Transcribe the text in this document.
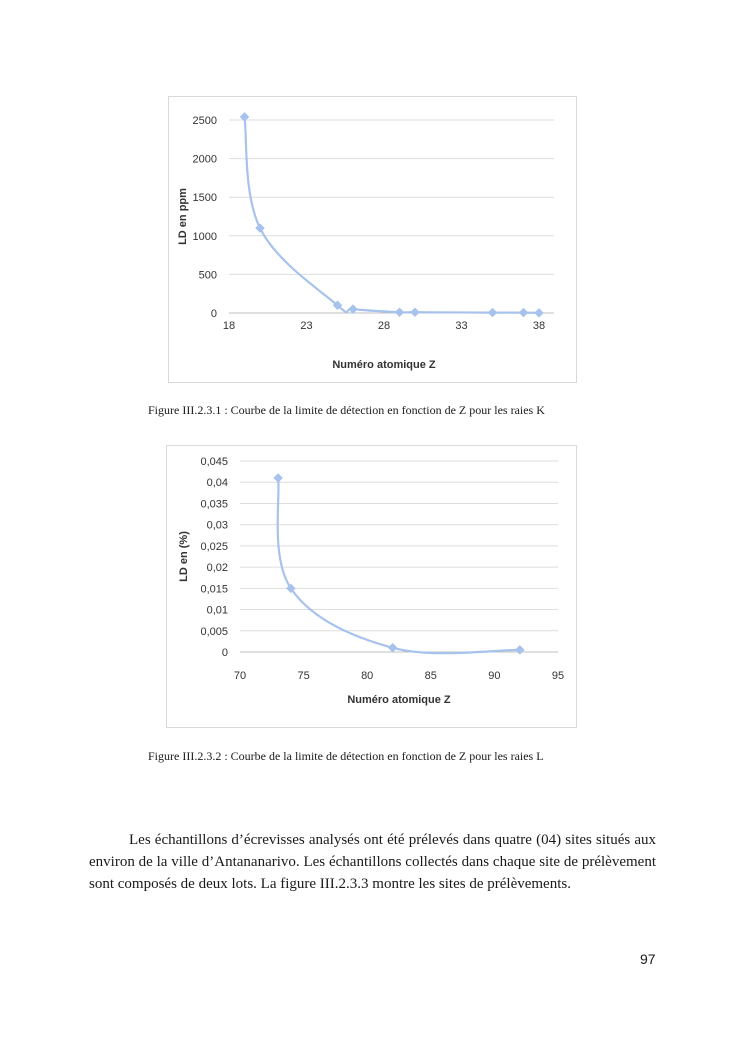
0
500
1000
1500
2000
2500
18	23	28	33	38
Numéro atomique Z
LD en ppm
Figure III.2.3.1 : Courbe de la limite de détection en fonction de Z pour les raies K
0
0,005
0,01
0,015
0,02
0,025
0,03
0,035
0,04
0,045
70	75	80	85	90	95
Numéro atomique Z
LD en (%)
Figure III.2.3.2 : Courbe de la limite de détection en fonction de Z pour les raies L

Les échantillons d’écrevisses analysés ont été prélevés dans quatre (04) sites situés aux environ de la ville d’Antananarivo. Les échantillons collectés dans chaque site de prélèvement sont composés de deux lots. La figure III.2.3.3 montre les sites de prélèvements.

97
